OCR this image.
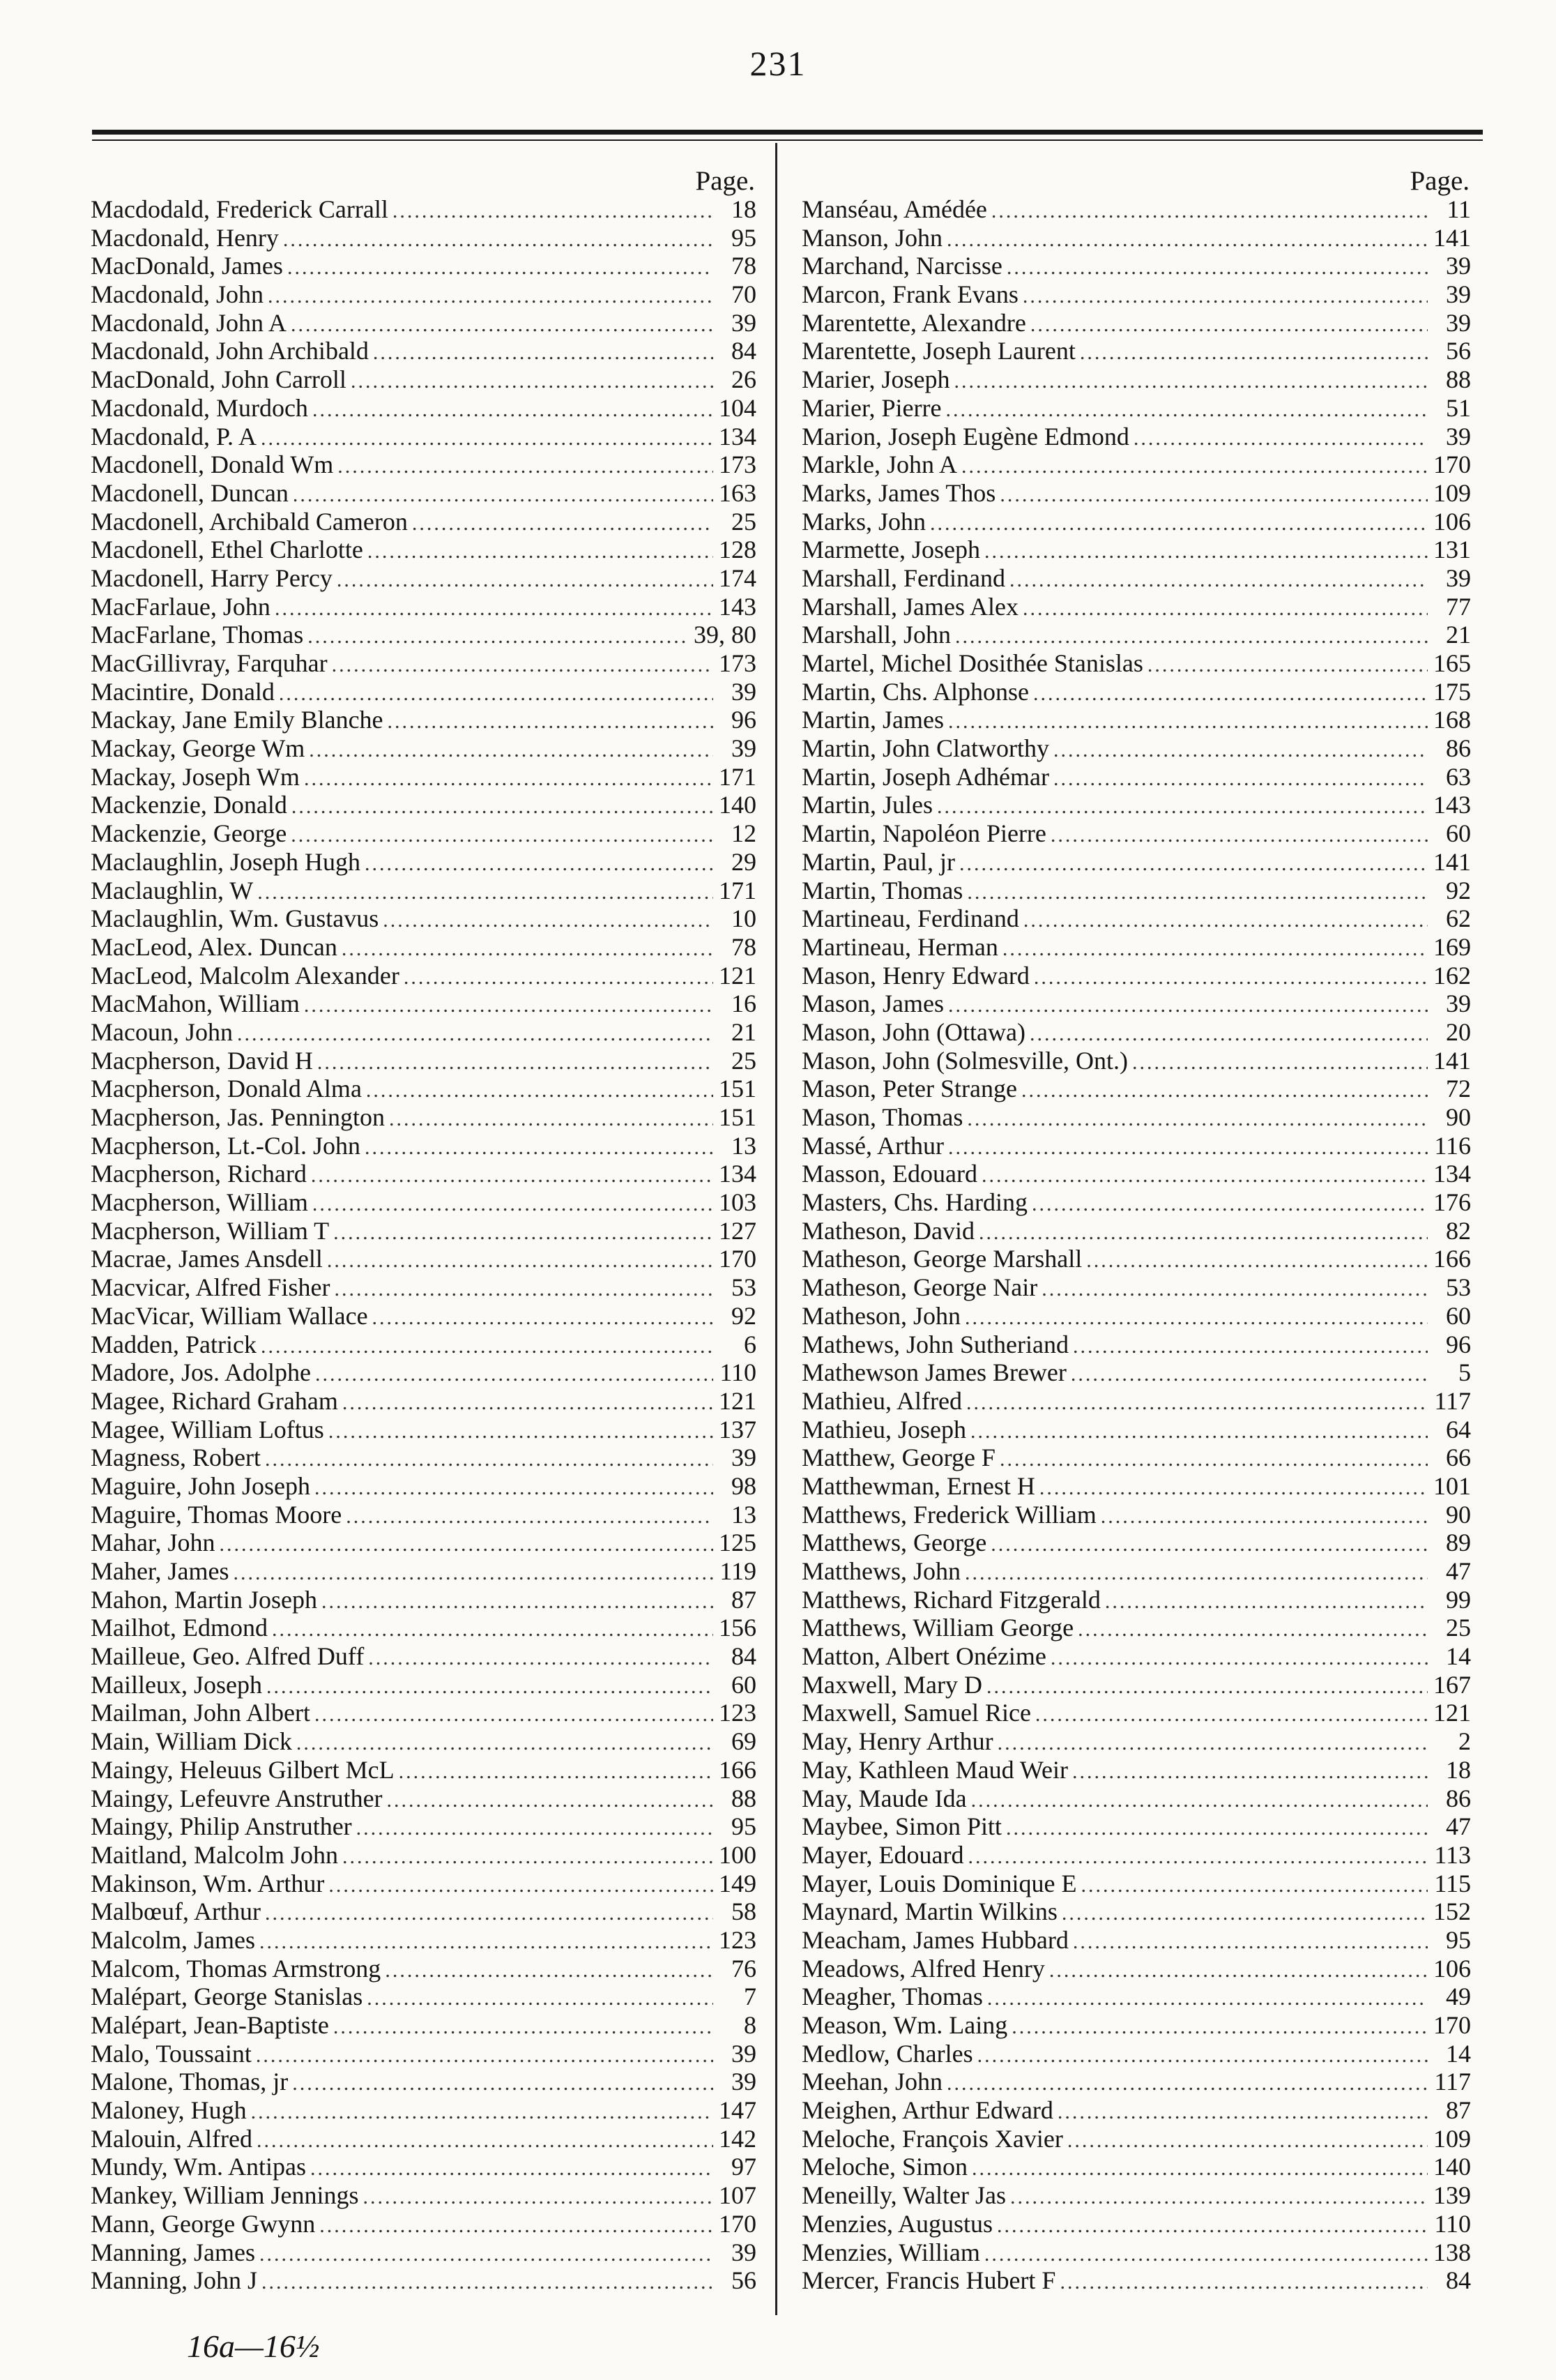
231
Page.
Macdodald, Frederick Carrall .....	18
Macdonald, Henry .....	95
MacDonald, James .....	78
Macdonald, John .....	70
Macdonald, John A .....	39
Macdonald, John Archibald .....	84
MacDonald, John Carroll .....	26
Macdonald, Murdoch .....	104
Macdonald, P. A .....	134
Macdonell, Donald Wm .....	173
Macdonell, Duncan .....	163
Macdonell, Archibald Cameron .....	25
Macdonell, Ethel Charlotte .....	128
Macdonell, Harry Percy .....	174
MacFarlaue, John .....	143
MacFarlane, Thomas .....	39, 80
MacGillivray, Farquhar .....	173
Macintire, Donald .....	39
Mackay, Jane Emily Blanche .....	96
Mackay, George Wm .....	39
Mackay, Joseph Wm .....	171
Mackenzie, Donald .....	140
Mackenzie, George .....	12
Maclaughlin, Joseph Hugh .....	29
Maclaughlin, W .....	171
Maclaughlin, Wm. Gustavus .....	10
MacLeod, Alex. Duncan .....	78
MacLeod, Malcolm Alexander .....	121
MacMahon, William .....	16
Macoun, John .....	21
Macpherson, David H .....	25
Macpherson, Donald Alma .....	151
Macpherson, Jas. Pennington .....	151
Macpherson, Lt.-Col. John .....	13
Macpherson, Richard .....	134
Macpherson, William .....	103
Macpherson, William T .....	127
Macrae, James Ansdell .....	170
Macvicar, Alfred Fisher .....	53
MacVicar, William Wallace .....	92
Madden, Patrick .....	6
Madore, Jos. Adolphe .....	110
Magee, Richard Graham .....	121
Magee, William Loftus .....	137
Magness, Robert .....	39
Maguire, John Joseph .....	98
Maguire, Thomas Moore .....	13
Mahar, John .....	125
Maher, James .....	119
Mahon, Martin Joseph .....	87
Mailhot, Edmond .....	156
Mailleue, Geo. Alfred Duff .....	84
Mailleux, Joseph .....	60
Mailman, John Albert .....	123
Main, William Dick .....	69
Maingy, Heleuus Gilbert McL .....	166
Maingy, Lefeuvre Anstruther .....	88
Maingy, Philip Anstruther .....	95
Maitland, Malcolm John .....	100
Makinson, Wm. Arthur .....	149
Malbœuf, Arthur .....	58
Malcolm, James .....	123
Malcom, Thomas Armstrong .....	76
Malépart, George Stanislas .....	7
Malépart, Jean-Baptiste .....	8
Malo, Toussaint .....	39
Malone, Thomas, jr .....	39
Maloney, Hugh .....	147
Malouin, Alfred .....	142
Mundy, Wm. Antipas .....	97
Mankey, William Jennings .....	107
Mann, George Gwynn .....	170
Manning, James .....	39
Manning, John J .....	56
Page.
Manséau, Amédée .....	11
Manson, John .....	141
Marchand, Narcisse .....	39
Marcon, Frank Evans .....	39
Marentette, Alexandre .....	39
Marentette, Joseph Laurent .....	56
Marier, Joseph .....	88
Marier, Pierre .....	51
Marion, Joseph Eugène Edmond .....	39
Markle, John A .....	170
Marks, James Thos .....	109
Marks, John .....	106
Marmette, Joseph .....	131
Marshall, Ferdinand .....	39
Marshall, James Alex .....	77
Marshall, John .....	21
Martel, Michel Dosithée Stanislas .....	165
Martin, Chs. Alphonse .....	175
Martin, James .....	168
Martin, John Clatworthy .....	86
Martin, Joseph Adhémar .....	63
Martin, Jules .....	143
Martin, Napoléon Pierre .....	60
Martin, Paul, jr .....	141
Martin, Thomas .....	92
Martineau, Ferdinand .....	62
Martineau, Herman .....	169
Mason, Henry Edward .....	162
Mason, James .....	39
Mason, John (Ottawa) .....	20
Mason, John (Solmesville, Ont.) .....	141
Mason, Peter Strange .....	72
Mason, Thomas .....	90
Massé, Arthur .....	116
Masson, Edouard .....	134
Masters, Chs. Harding .....	176
Matheson, David .....	82
Matheson, George Marshall .....	166
Matheson, George Nair .....	53
Matheson, John .....	60
Mathews, John Sutheriand .....	96
Mathewson James Brewer .....	5
Mathieu, Alfred .....	117
Mathieu, Joseph .....	64
Matthew, George F .....	66
Matthewman, Ernest H .....	101
Matthews, Frederick William .....	90
Matthews, George .....	89
Matthews, John .....	47
Matthews, Richard Fitzgerald .....	99
Matthews, William George .....	25
Matton, Albert Onézime .....	14
Maxwell, Mary D .....	167
Maxwell, Samuel Rice .....	121
May, Henry Arthur .....	2
May, Kathleen Maud Weir .....	18
May, Maude Ida .....	86
Maybee, Simon Pitt .....	47
Mayer, Edouard .....	113
Mayer, Louis Dominique E .....	115
Maynard, Martin Wilkins .....	152
Meacham, James Hubbard .....	95
Meadows, Alfred Henry .....	106
Meagher, Thomas .....	49
Meason, Wm. Laing .....	170
Medlow, Charles .....	14
Meehan, John .....	117
Meighen, Arthur Edward .....	87
Meloche, François Xavier .....	109
Meloche, Simon .....	140
Meneilly, Walter Jas .....	139
Menzies, Augustus .....	110
Menzies, William .....	138
Mercer, Francis Hubert F .....	84
16a—16½
